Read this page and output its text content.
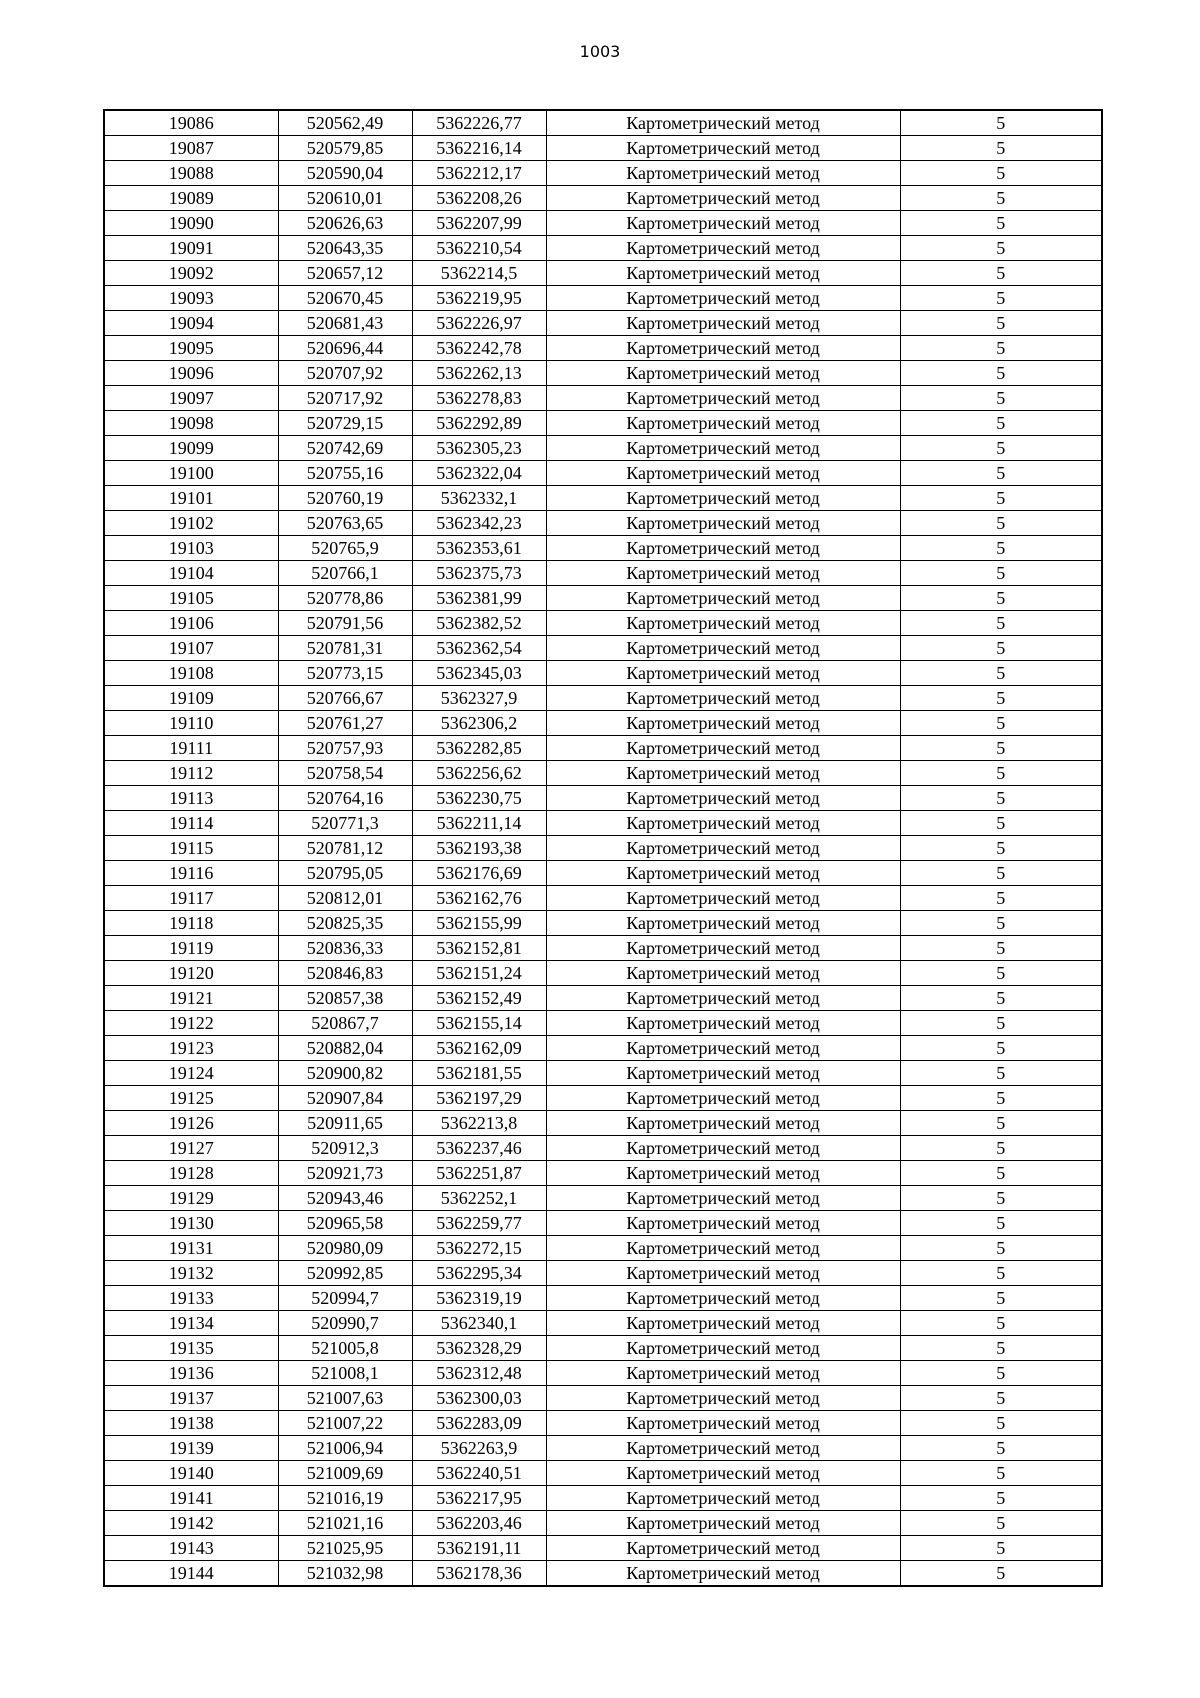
1003
19086	520562,49	5362226,77	Картометрический метод	5
19087	520579,85	5362216,14	Картометрический метод	5
19088	520590,04	5362212,17	Картометрический метод	5
19089	520610,01	5362208,26	Картометрический метод	5
19090	520626,63	5362207,99	Картометрический метод	5
19091	520643,35	5362210,54	Картометрический метод	5
19092	520657,12	5362214,5	Картометрический метод	5
19093	520670,45	5362219,95	Картометрический метод	5
19094	520681,43	5362226,97	Картометрический метод	5
19095	520696,44	5362242,78	Картометрический метод	5
19096	520707,92	5362262,13	Картометрический метод	5
19097	520717,92	5362278,83	Картометрический метод	5
19098	520729,15	5362292,89	Картометрический метод	5
19099	520742,69	5362305,23	Картометрический метод	5
19100	520755,16	5362322,04	Картометрический метод	5
19101	520760,19	5362332,1	Картометрический метод	5
19102	520763,65	5362342,23	Картометрический метод	5
19103	520765,9	5362353,61	Картометрический метод	5
19104	520766,1	5362375,73	Картометрический метод	5
19105	520778,86	5362381,99	Картометрический метод	5
19106	520791,56	5362382,52	Картометрический метод	5
19107	520781,31	5362362,54	Картометрический метод	5
19108	520773,15	5362345,03	Картометрический метод	5
19109	520766,67	5362327,9	Картометрический метод	5
19110	520761,27	5362306,2	Картометрический метод	5
19111	520757,93	5362282,85	Картометрический метод	5
19112	520758,54	5362256,62	Картометрический метод	5
19113	520764,16	5362230,75	Картометрический метод	5
19114	520771,3	5362211,14	Картометрический метод	5
19115	520781,12	5362193,38	Картометрический метод	5
19116	520795,05	5362176,69	Картометрический метод	5
19117	520812,01	5362162,76	Картометрический метод	5
19118	520825,35	5362155,99	Картометрический метод	5
19119	520836,33	5362152,81	Картометрический метод	5
19120	520846,83	5362151,24	Картометрический метод	5
19121	520857,38	5362152,49	Картометрический метод	5
19122	520867,7	5362155,14	Картометрический метод	5
19123	520882,04	5362162,09	Картометрический метод	5
19124	520900,82	5362181,55	Картометрический метод	5
19125	520907,84	5362197,29	Картометрический метод	5
19126	520911,65	5362213,8	Картометрический метод	5
19127	520912,3	5362237,46	Картометрический метод	5
19128	520921,73	5362251,87	Картометрический метод	5
19129	520943,46	5362252,1	Картометрический метод	5
19130	520965,58	5362259,77	Картометрический метод	5
19131	520980,09	5362272,15	Картометрический метод	5
19132	520992,85	5362295,34	Картометрический метод	5
19133	520994,7	5362319,19	Картометрический метод	5
19134	520990,7	5362340,1	Картометрический метод	5
19135	521005,8	5362328,29	Картометрический метод	5
19136	521008,1	5362312,48	Картометрический метод	5
19137	521007,63	5362300,03	Картометрический метод	5
19138	521007,22	5362283,09	Картометрический метод	5
19139	521006,94	5362263,9	Картометрический метод	5
19140	521009,69	5362240,51	Картометрический метод	5
19141	521016,19	5362217,95	Картометрический метод	5
19142	521021,16	5362203,46	Картометрический метод	5
19143	521025,95	5362191,11	Картометрический метод	5
19144	521032,98	5362178,36	Картометрический метод	5
